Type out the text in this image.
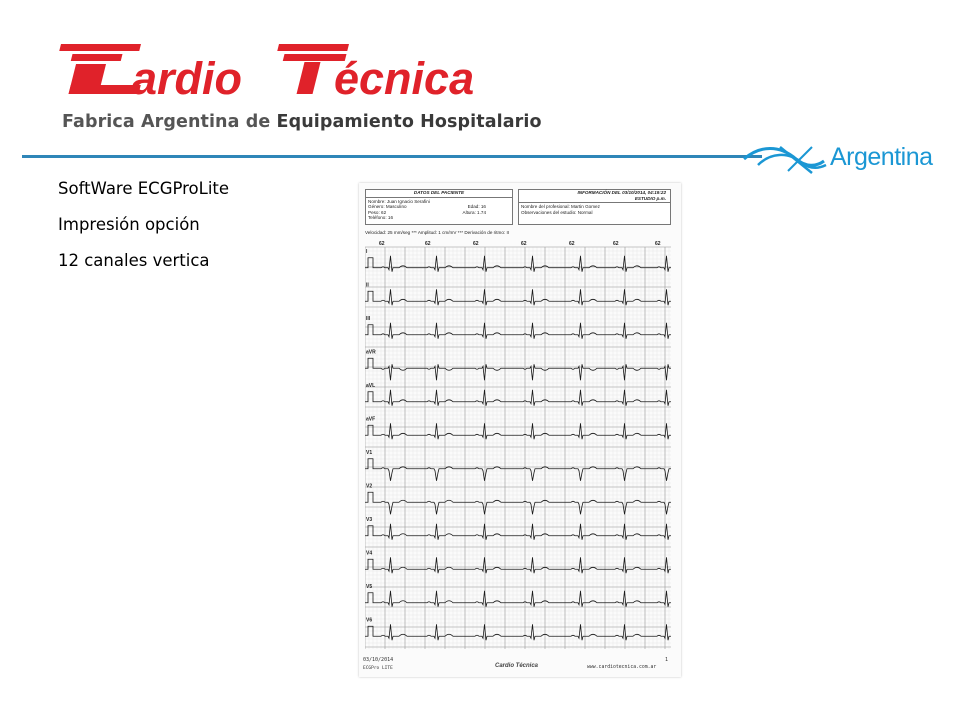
ardio écnica
Fabrica Argentina de Equipamiento Hospitalario
Argentina
SoftWare ECGProLite
Impresión opción
12 canales vertica
DATOS DEL PACIENTE
Nombre: Juan Ignacio Serafini
Género: Masculino	Edad: 16
Peso: 62	Altura: 1.74
Teléfono: 16
INFORMACIÓN DEL 03/10/2014, 04:19:22
ESTUDIO p.m.
Nombre del profesional: Martin Gomez
Observaciones del estudio: Normal
Velocidad: 25 mm/seg *** Amplitud: 1 cm/mV *** Derivación de ritmo: II
62	62	62	62	62	62	62
I
II
III
aVR
aVL
aVF
V1
V2
V3
V4
V5
V6
03/10/2014
ECGPro LITE	Cardio Técnica
1
www.cardiotecnica.com.ar
